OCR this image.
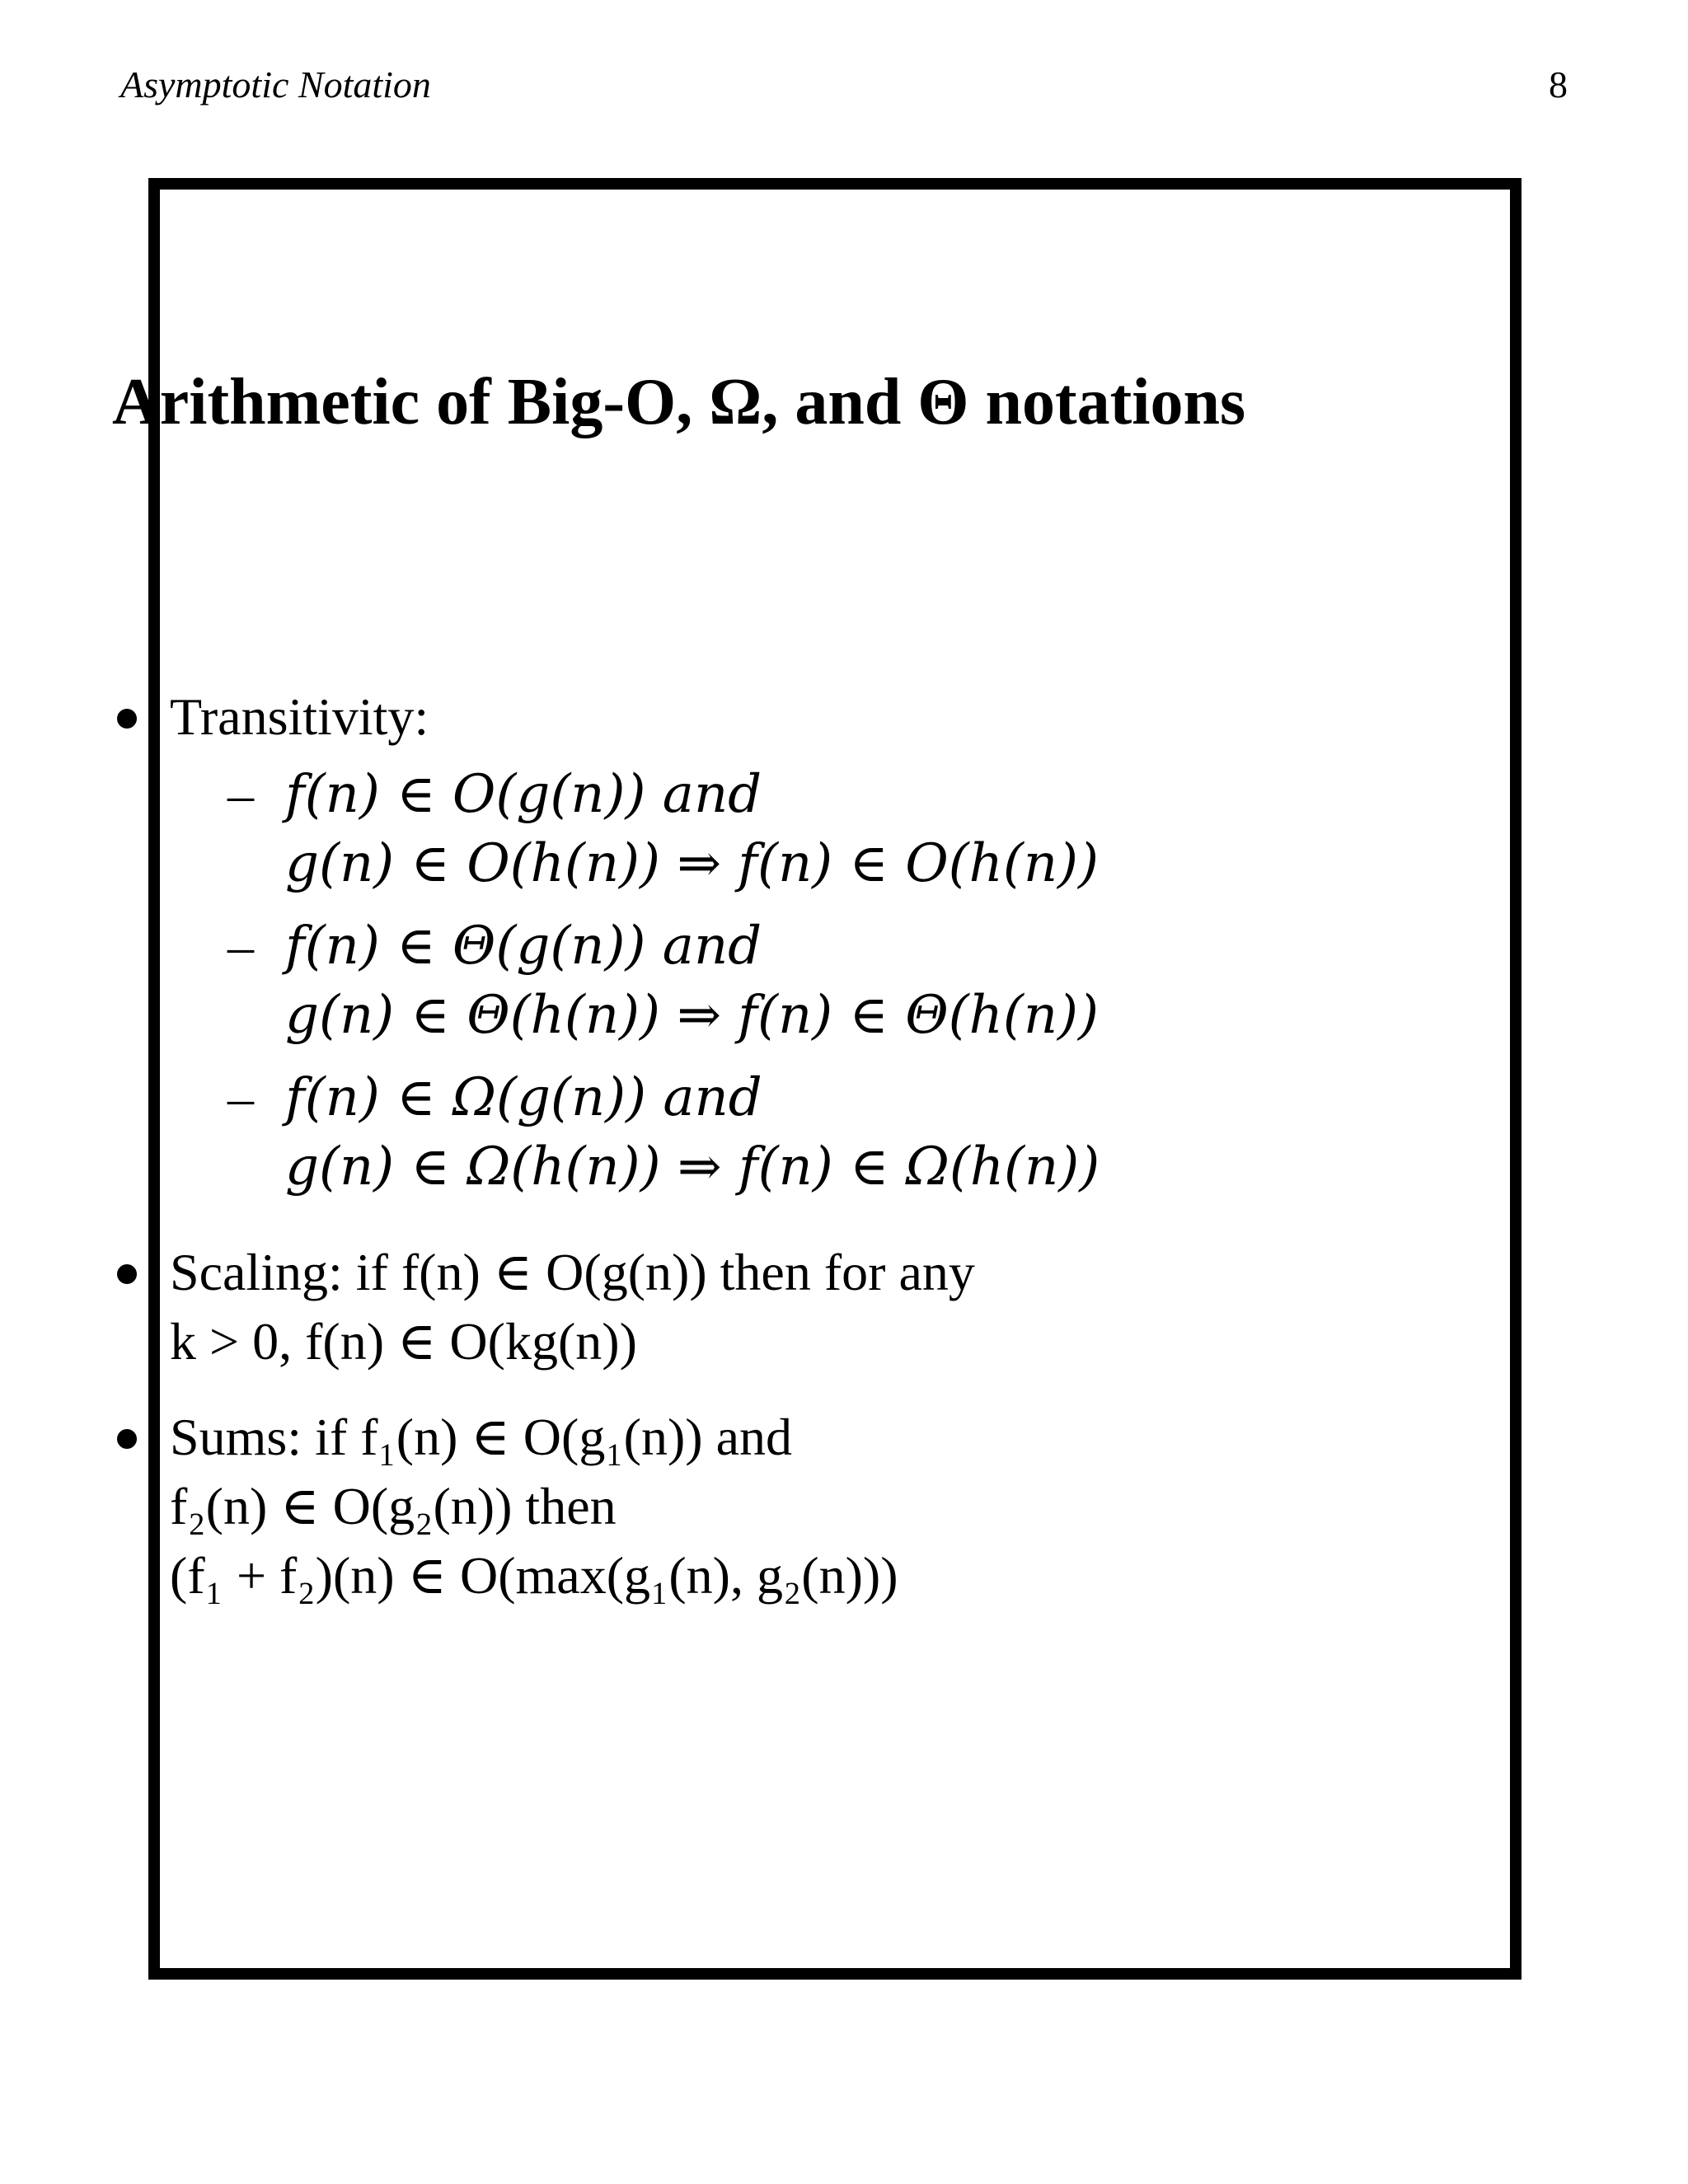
Asymptotic Notation	8
Arithmetic of Big-O, Ω, and Θ notations
Transitivity:
– f(n) ∈ O(g(n)) and
g(n) ∈ O(h(n)) ⇒ f(n) ∈ O(h(n))
– f(n) ∈ Θ(g(n)) and
g(n) ∈ Θ(h(n)) ⇒ f(n) ∈ Θ(h(n))
– f(n) ∈ Ω(g(n)) and
g(n) ∈ Ω(h(n)) ⇒ f(n) ∈ Ω(h(n))
Scaling: if f(n) ∈ O(g(n)) then for any
k > 0, f(n) ∈ O(kg(n))
Sums: if f₁(n) ∈ O(g₁(n)) and
f₂(n) ∈ O(g₂(n)) then
(f₁ + f₂)(n) ∈ O(max(g₁(n), g₂(n)))
